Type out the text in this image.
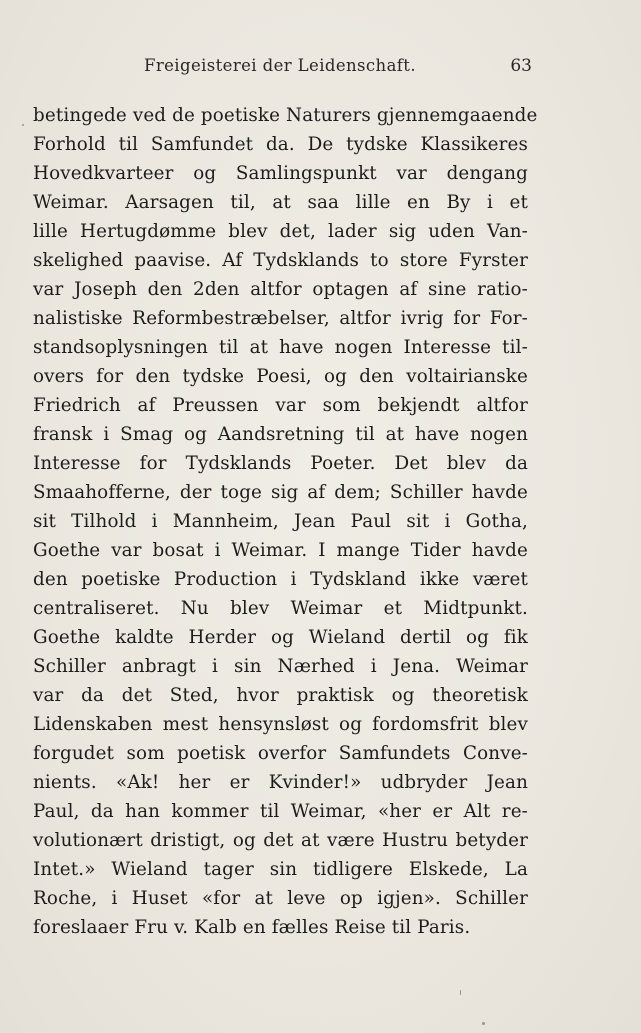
Freigeisterei der Leidenschaft.	63
betingede ved de poetiske Naturers gjennemgaaende
Forhold til Samfundet da. De tydske Klassikeres
Hovedkvarteer og Samlingspunkt var dengang
Weimar. Aarsagen til, at saa lille en By i et
lille Hertugdømme blev det, lader sig uden Van-
skelighed paavise. Af Tydsklands to store Fyrster
var Joseph den 2den altfor optagen af sine ratio-
nalistiske Reformbestræbelser, altfor ivrig for For-
standsoplysningen til at have nogen Interesse til-
overs for den tydske Poesi, og den voltairianske
Friedrich af Preussen var som bekjendt altfor
fransk i Smag og Aandsretning til at have nogen
Interesse for Tydsklands Poeter. Det blev da
Smaahofferne, der toge sig af dem; Schiller havde
sit Tilhold i Mannheim, Jean Paul sit i Gotha,
Goethe var bosat i Weimar. I mange Tider havde
den poetiske Production i Tydskland ikke været
centraliseret. Nu blev Weimar et Midtpunkt.
Goethe kaldte Herder og Wieland dertil og fik
Schiller anbragt i sin Nærhed i Jena. Weimar
var da det Sted, hvor praktisk og theoretisk
Lidenskaben mest hensynsløst og fordomsfrit blev
forgudet som poetisk overfor Samfundets Conve-
nients. «Ak! her er Kvinder!» udbryder Jean
Paul, da han kommer til Weimar, «her er Alt re-
volutionært dristigt, og det at være Hustru betyder
Intet.» Wieland tager sin tidligere Elskede, La
Roche, i Huset «for at leve op igjen». Schiller
foreslaaer Fru v. Kalb en fælles Reise til Paris.
